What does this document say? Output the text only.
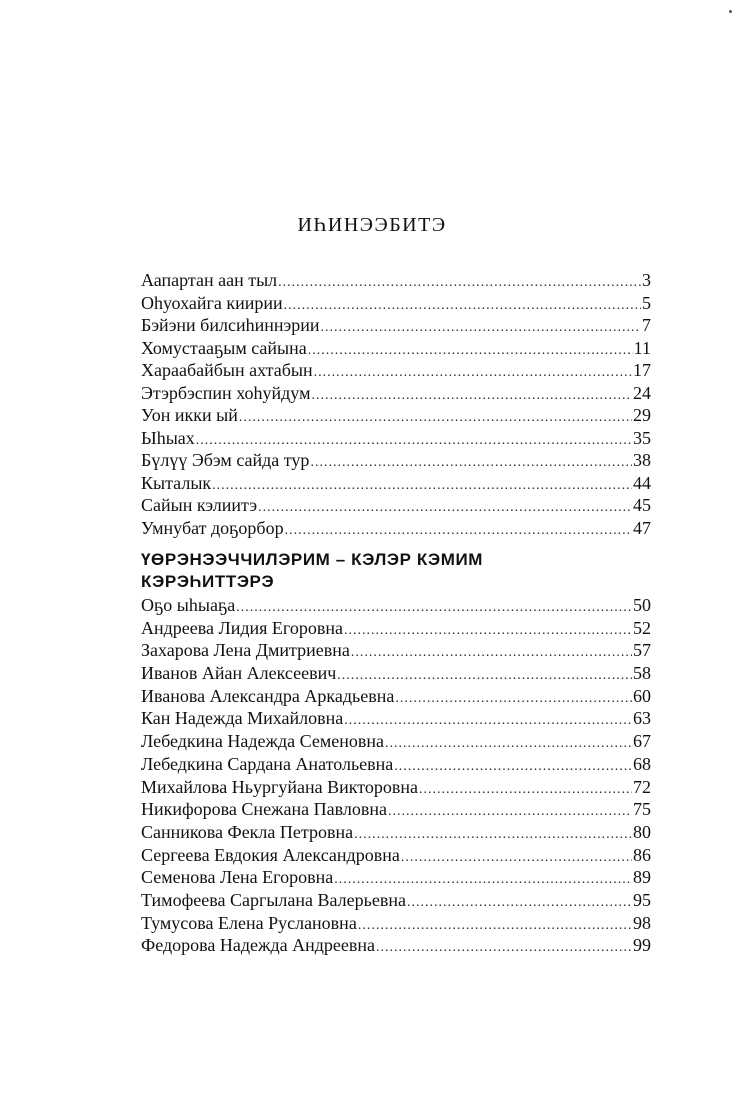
ИҺИНЭЭБИТЭ
Аапартан аан тыл .....	3
Оһуохайга киирии .....	5
Бэйэни билсиһиннэрии .....	7
Хомустааҕым сайына .....	11
Хараабайбын ахтабын .....	17
Этэрбэспин хоһуйдум .....	24
Уон икки ый .....	29
Ыһыах .....	35
Бүлүү Эбэм сайда тур .....	38
Кыталык .....	44
Сайын кэлиитэ .....	45
Умнубат доҕорбор .....	47
ҮӨРЭНЭЭЧЧИЛЭРИМ – КЭЛЭР КЭМИМ
КЭРЭҺИТТЭРЭ
Оҕо ыһыаҕа .....	50
Андреева Лидия Егоровна .....	52
Захарова Лена Дмитриевна .....	57
Иванов Айан Алексеевич .....	58
Иванова Александра Аркадьевна .....	60
Кан Надежда Михайловна .....	63
Лебедкина Надежда Семеновна .....	67
Лебедкина Сардана Анатольевна .....	68
Михайлова Ньургуйана Викторовна .....	72
Никифорова Снежана Павловна .....	75
Санникова Фекла Петровна .....	80
Сергеева Евдокия Александровна .....	86
Семенова Лена Егоровна .....	89
Тимофеева Саргылана Валерьевна .....	95
Тумусова Елена Руслановна .....	98
Федорова Надежда Андреевна .....	99
